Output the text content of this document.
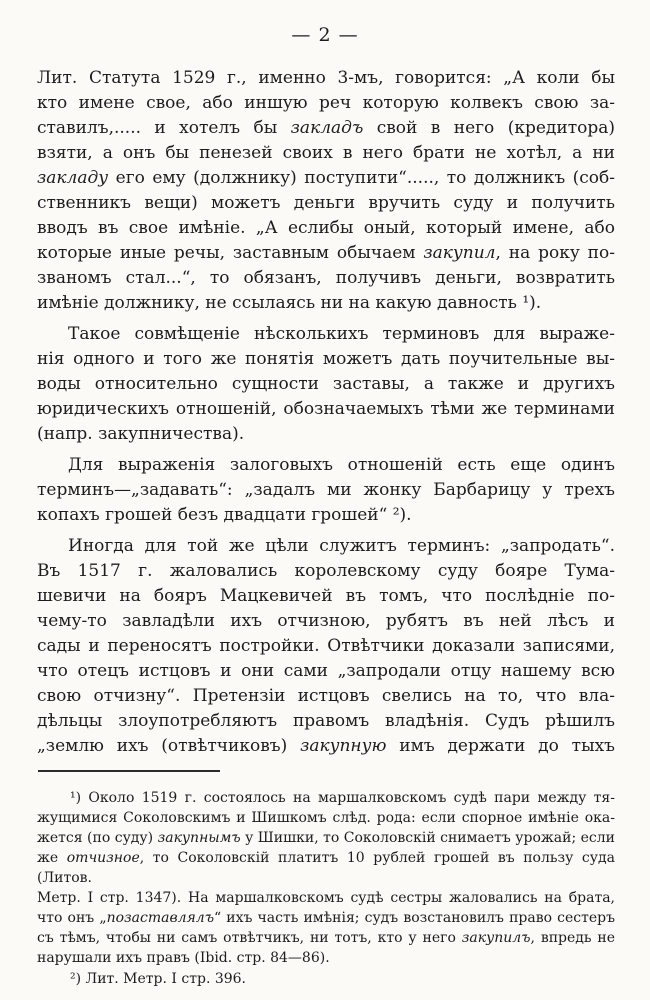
— 2 —
Лит. Статута 1529 г., именно 3-мъ, говорится: „А коли бы
кто имене свое, або иншую реч которую колвекъ свою за-
ставилъ,..... и хотелъ бы закладъ свой в него (кредитора)
взяти, а онъ бы пенезей своих в него брати не хотѣл, а ни
закладу его ему (должнику) поступити“....., то должникъ (соб-
ственникъ вещи) можетъ деньги вручить суду и получить
вводъ въ свое имѣніе. „А еслибы оный, который имене, або
которые иные речы, заставным обычаем закупил, на року по-
званомъ стал...“, то обязанъ, получивъ деньги, возвратить
имѣніе должнику, не ссылаясь ни на какую давность ¹).
Такое совмѣщеніе нѣсколькихъ терминовъ для выраже-
нія одного и того же понятія можетъ дать поучительные вы-
воды относительно сущности заставы, а также и другихъ
юридическихъ отношеній, обозначаемыхъ тѣми же терминами
(напр. закупничества).
Для выраженія залоговыхъ отношеній есть еще одинъ
терминъ—„задавать“: „задалъ ми жонку Барбарицу у трехъ
копахъ грошей безъ двадцати грошей“ ²).
Иногда для той же цѣли служитъ терминъ: „запродать“.
Въ 1517 г. жаловались королевскому суду бояре Тума-
шевичи на бояръ Мацкевичей въ томъ, что послѣдніе по-
чему-то завладѣли ихъ отчизною, рубятъ въ ней лѣсъ и
сады и переносятъ постройки. Отвѣтчики доказали записями,
что отецъ истцовъ и они сами „запродали отцу нашему всю
свою отчизну“. Претензіи истцовъ свелись на то, что вла-
дѣльцы злоупотребляютъ правомъ владѣнія. Судъ рѣшилъ
„землю ихъ (отвѣтчиковъ) закупную имъ держати до тыхъ
¹) Около 1519 г. состоялось на маршалковскомъ судѣ пари между тя-
жущимися Соколовскимъ и Шишкомъ слѣд. рода: если спорное имѣніе ока-
жется (по суду) закупнымъ у Шишки, то Соколовскій снимаетъ урожай; если
же отчизное, то Соколовскій платитъ 10 рублей грошей въ пользу суда (Литов.
Метр. I стр. 1347). На маршалковскомъ судѣ сестры жаловались на брата,
что онъ „позаставлялъ“ ихъ часть имѣнія; судъ возстановилъ право сестеръ
съ тѣмъ, чтобы ни самъ отвѣтчикъ, ни тотъ, кто у него закупилъ, впредь не
нарушали ихъ правъ (Ibid. стр. 84—86).
²) Лит. Метр. I стр. 396.
